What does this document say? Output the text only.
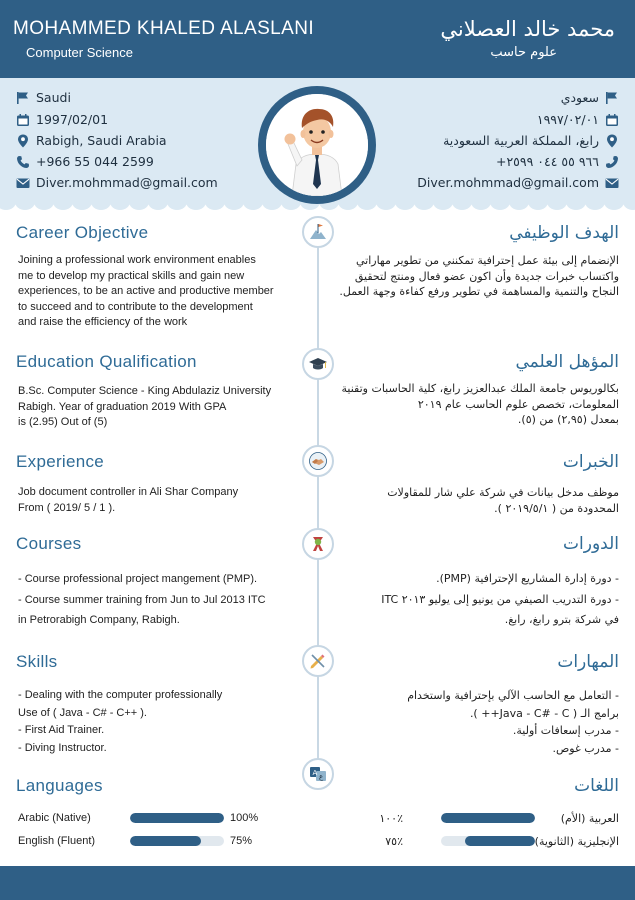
MOHAMMED KHALED ALASLANI
Computer Science
محمد خالد العصلاني
علوم حاسب
Saudi
1997/02/01
Rabigh, Saudi Arabia
+966 55 044 2599
Diver.mohmmad@gmail.com
سعودي
١٩٩٧/٠٢/٠١
رابغ، المملكة العربية السعودية
+٩٦٦ ٥٥ ٠٤٤ ٢٥٩٩
Diver.mohmmad@gmail.com
A ع
Career Objective	الهدف الوظيفي
Joining a professional work environment enables
me to develop my practical skills and gain new
experiences, to be an active and productive member
to succeed and to contribute to the development
and raise the efficiency of the work
الإنضمام إلى بيئة عمل إحترافية تمكنني من تطوير مهاراتي
واكتساب خبرات جديدة وأن اكون عضو فعال ومنتج لتحقيق
النجاح والتنمية والمساهمة في تطوير ورفع كفاءة وجهة العمل.
Education Qualification	المؤهل العلمي
B.Sc. Computer Science - King Abdulaziz University
Rabigh. Year of graduation 2019 With GPA
is (2.95) Out of (5)
بكالوريوس جامعة الملك عبدالعزيز رابغ، كلية الحاسبات وتقنية
المعلومات، تخصص علوم الحاسب عام ٢٠١٩
بمعدل (٢,٩٥) من (٥).
Experience	الخبرات
Job document controller in Ali Shar Company
From ( 2019/ 5 / 1 ).
موظف مدخل بيانات في شركة علي شار للمقاولات
المحدودة من ( ٢٠١٩/٥/١ ).
Courses	الدورات
- Course professional project mangement (PMP).
- Course summer training from Jun to Jul 2013 ITC
in Petrorabigh Company, Rabigh.
- دورة إدارة المشاريع الإحترافية (PMP).
- دورة التدريب الصيفي من يونيو إلى يوليو ٢٠١٣ ITC
في شركة بترو رابغ، رابغ.
Skills	المهارات
- Dealing with the computer professionally
Use of ( Java - C# - C++ ).
- First Aid Trainer.
- Diving Instructor.
- التعامل مع الحاسب الآلي بإحترافية واستخدام
برامج الـ ( Java - C# - C++ ).
- مدرب إسعافات أولية.
- مدرب غوص.
Languages	اللغات
Arabic (Native)	100%
English (Fluent)	75%
العربية (الأم)
٪١٠٠
الإنجليزية (الثانوية)
٪٧٥
